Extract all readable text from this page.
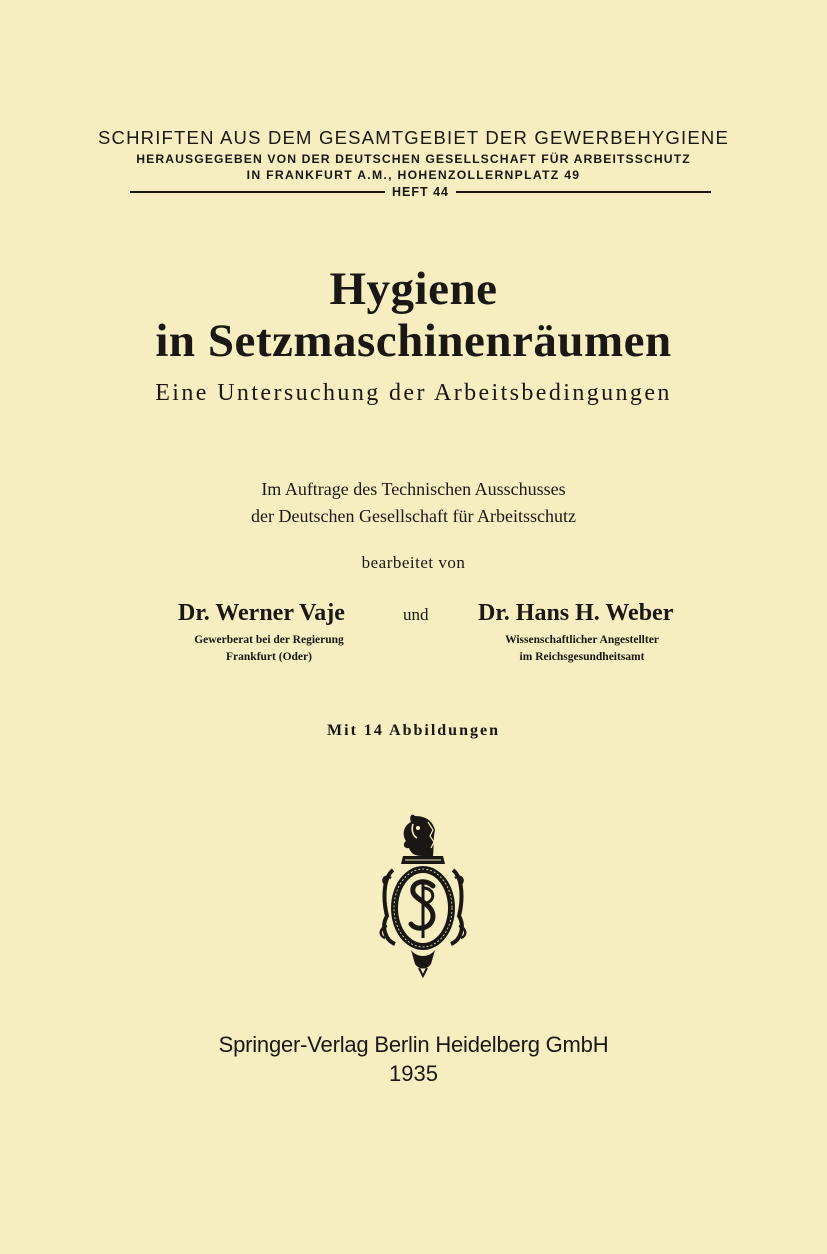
SCHRIFTEN AUS DEM GESAMTGEBIET DER GEWERBEHYGIENE
HERAUSGEGEBEN VON DER DEUTSCHEN GESELLSCHAFT FÜR ARBEITSSCHUTZ
IN FRANKFURT A.M., HOHENZOLLERNPLATZ 49
HEFT 44
Hygiene
in Setzmaschinenräumen
Eine Untersuchung der Arbeitsbedingungen
Im Auftrage des Technischen Ausschusses
der Deutschen Gesellschaft für Arbeitsschutz
bearbeitet von
Dr. Werner Vaje
Gewerberat bei der Regierung
Frankfurt (Oder)
und Dr. Hans H. Weber
Wissenschaftlicher Angestellter
im Reichsgesundheitsamt
Mit 14 Abbildungen
Springer-Verlag Berlin Heidelberg GmbH
1935
